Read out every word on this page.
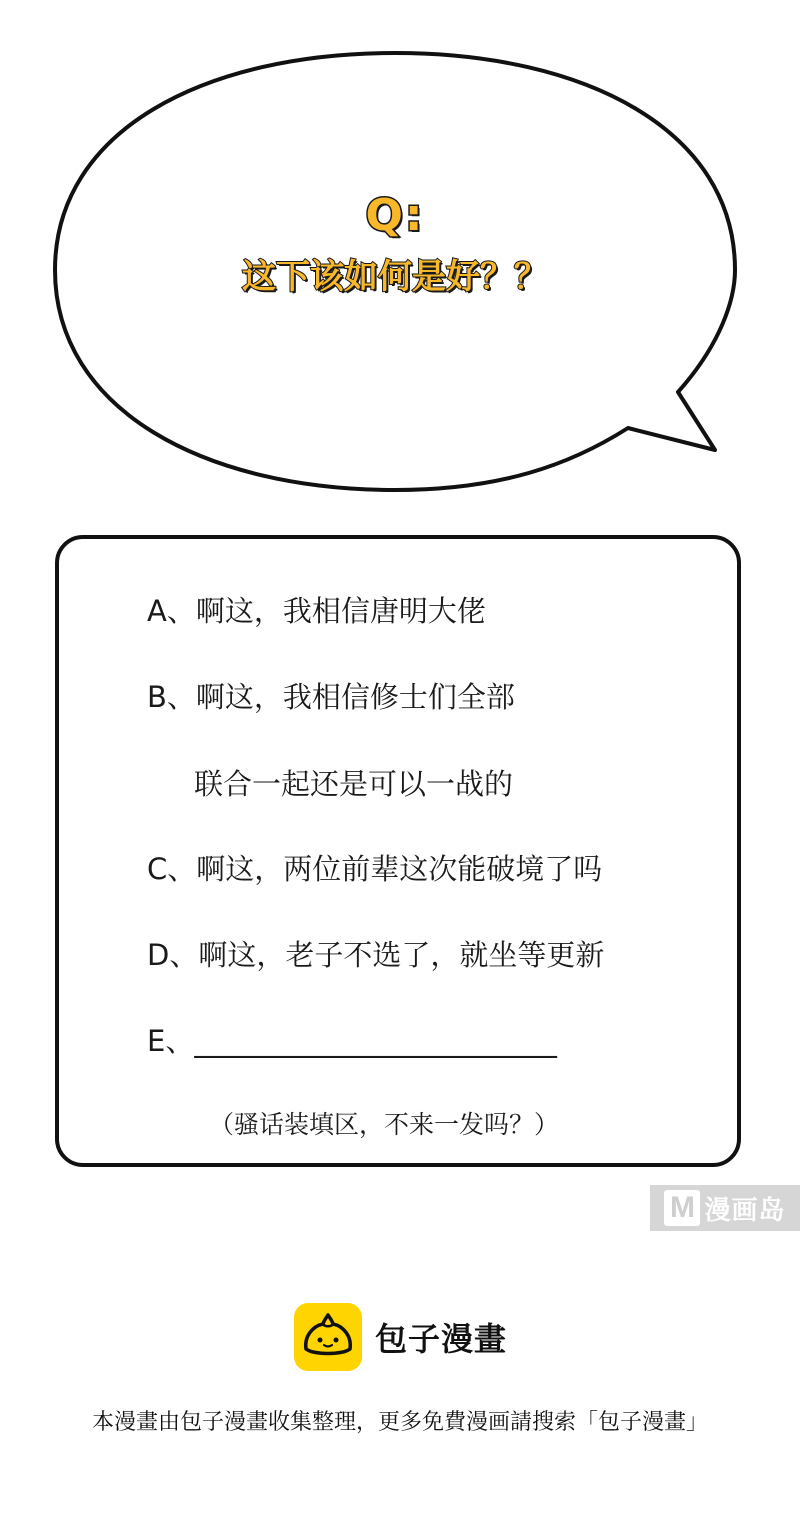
Q:
这下该如何是好？？
A、啊这，我相信唐明大佬
B、啊这，我相信修士们全部
联合一起还是可以一战的
C、啊这，两位前辈这次能破境了吗
D、啊这，老子不选了，就坐等更新
E、_________________________
（骚话装填区，不来一发吗？）
M 漫画岛
包子漫畫
本漫畫由包子漫畫收集整理，更多免費漫画請搜索「包子漫畫」
